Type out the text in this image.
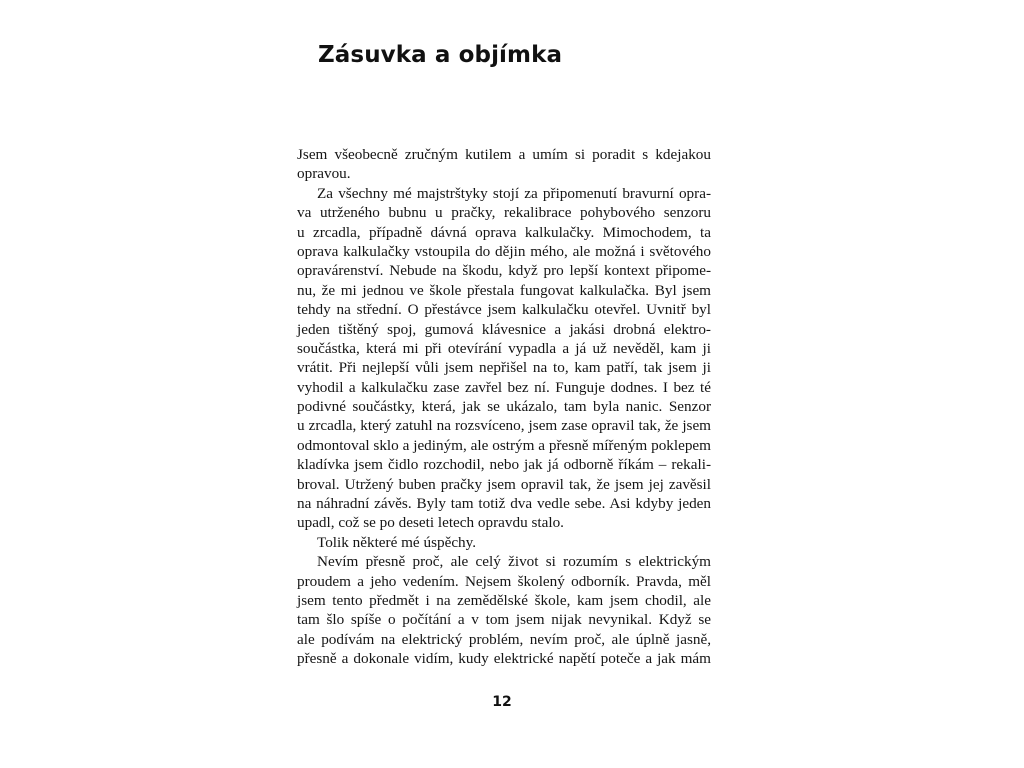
Zásuvka a objímka
Jsem všeobecně zručným kutilem a umím si poradit s kdejakou
opravou.
Za všechny mé majstrštyky stojí za připomenutí bravurní opra-
va utrženého bubnu u pračky, rekalibrace pohybového senzoru
u zrcadla, případně dávná oprava kalkulačky. Mimochodem, ta
oprava kalkulačky vstoupila do dějin mého, ale možná i světového
opravárenství. Nebude na škodu, když pro lepší kontext připome-
nu, že mi jednou ve škole přestala fungovat kalkulačka. Byl jsem
tehdy na střední. O přestávce jsem kalkulačku otevřel. Uvnitř byl
jeden tištěný spoj, gumová klávesnice a jakási drobná elektro-
součástka, která mi při otevírání vypadla a já už nevěděl, kam ji
vrátit. Při nejlepší vůli jsem nepřišel na to, kam patří, tak jsem ji
vyhodil a kalkulačku zase zavřel bez ní. Funguje dodnes. I bez té
podivné součástky, která, jak se ukázalo, tam byla nanic. Senzor
u zrcadla, který zatuhl na rozsvíceno, jsem zase opravil tak, že jsem
odmontoval sklo a jediným, ale ostrým a přesně mířeným poklepem
kladívka jsem čidlo rozchodil, nebo jak já odborně říkám – rekali-
broval. Utržený buben pračky jsem opravil tak, že jsem jej zavěsil
na náhradní závěs. Byly tam totiž dva vedle sebe. Asi kdyby jeden
upadl, což se po deseti letech opravdu stalo.
Tolik některé mé úspěchy.
Nevím přesně proč, ale celý život si rozumím s elektrickým
proudem a jeho vedením. Nejsem školený odborník. Pravda, měl
jsem tento předmět i na zemědělské škole, kam jsem chodil, ale
tam šlo spíše o počítání a v tom jsem nijak nevynikal. Když se
ale podívám na elektrický problém, nevím proč, ale úplně jasně,
přesně a dokonale vidím, kudy elektrické napětí poteče a jak mám
12
